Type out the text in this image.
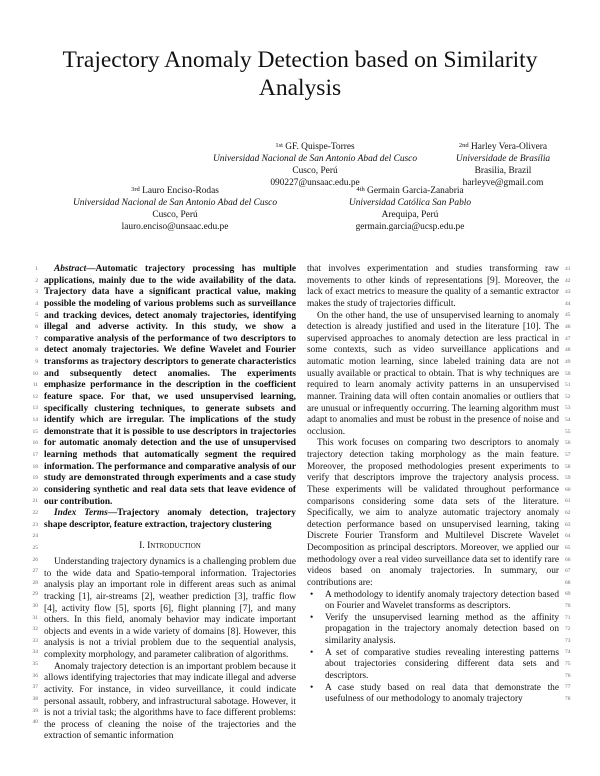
Trajectory Anomaly Detection based on Similarity Analysis
$^{1st}$ GF. Quispe-Torres
Universidad Nacional de San Antonio Abad del Cusco
Cusco, Perú
090227@unsaac.edu.pe
$^{2nd}$ Harley Vera-Olivera
Universidade de Brasília
Brasilia, Brazil
harleyve@gmail.com
$^{3rd}$ Lauro Enciso-Rodas
Universidad Nacional de San Antonio Abad del Cusco
Cusco, Perú
lauro.enciso@unsaac.edu.pe
$^{4th}$ Germain Garcia-Zanabria
Universidad Católica San Pablo
Arequipa, Perú
germain.garcia@ucsp.edu.pe

Abstract—Automatic trajectory processing has multiple applications, mainly due to the wide availability of the data. Trajectory data have a significant practical value, making possible the modeling of various problems such as surveillance and tracking devices, detect anomaly trajectories, identifying illegal and adverse activity. In this study, we show a comparative analysis of the performance of two descriptors to detect anomaly trajectories. We define Wavelet and Fourier transforms as trajectory descriptors to generate characteristics and subsequently detect anomalies. The experiments emphasize performance in the description in the coefficient feature space. For that, we used unsupervised learning, specifically clustering techniques, to generate subsets and identify which are irregular. The implications of the study demonstrate that it is possible to use descriptors in trajectories for automatic anomaly detection and the use of unsupervised learning methods that automatically segment the required information. The performance and comparative analysis of our study are demonstrated through experiments and a case study considering synthetic and real data sets that leave evidence of our contribution.

Index Terms—Trajectory anomaly detection, trajectory shape descriptor, feature extraction, trajectory clustering

I. Introduction

Understanding trajectory dynamics is a challenging problem due to the wide data and Spatio-temporal information. Trajectories analysis play an important role in different areas such as animal tracking [1], air-streams [2], weather prediction [3], traffic flow [4], activity flow [5], sports [6], flight planning [7], and many others. In this field, anomaly behavior may indicate important objects and events in a wide variety of domains [8]. However, this analysis is not a trivial problem due to the sequential analysis, complexity morphology, and parameter calibration of algorithms.

Anomaly trajectory detection is an important problem because it allows identifying trajectories that may indicate illegal and adverse activity. For instance, in video surveillance, it could indicate personal assault, robbery, and infrastructural sabotage. However, it is not a trivial task; the algorithms have to face different problems: the process of cleaning the noise of the trajectories and the extraction of semantic information

that involves experimentation and studies transforming raw movements to other kinds of representations [9]. Moreover, the lack of exact metrics to measure the quality of a semantic extractor makes the study of trajectories difficult.

On the other hand, the use of unsupervised learning to anomaly detection is already justified and used in the literature [10]. The supervised approaches to anomaly detection are less practical in some contexts, such as video surveillance applications and automatic motion learning, since labeled training data are not usually available or practical to obtain. That is why techniques are required to learn anomaly activity patterns in an unsupervised manner. Training data will often contain anomalies or outliers that are unusual or infrequently occurring. The learning algorithm must adapt to anomalies and must be robust in the presence of noise and occlusion.

This work focuses on comparing two descriptors to anomaly trajectory detection taking morphology as the main feature. Moreover, the proposed methodologies present experiments to verify that descriptors improve the trajectory analysis process. These experiments will be validated throughout performance comparisons considering some data sets of the literature. Specifically, we aim to analyze automatic trajectory anomaly detection performance based on unsupervised learning, taking Discrete Fourier Transform and Multilevel Discrete Wavelet Decomposition as principal descriptors. Moreover, we applied our methodology over a real video surveillance data set to identify rare videos based on anomaly trajectories. In summary, our contributions are:

• A methodology to identify anomaly trajectory detection based on Fourier and Wavelet transforms as descriptors.
• Verify the unsupervised learning method as the affinity propagation in the trajectory anomaly detection based on similarity analysis.
• A set of comparative studies revealing interesting patterns about trajectories considering different data sets and descriptors.
• A case study based on real data that demonstrate the usefulness of our methodology to anomaly trajectory
1
2
3
4
5
6
7
8
9
10
11
12
13
14
15
16
17
18
19
20
21
22
23
24
25
26
27
28
29
30
31
32
33
34
35
36
37
38
39
40
41
42
43
44
45
46
47
48
49
50
51
52
53
54
55
56
57
58
59
60
61
62
63
64
65
66
67
68
69
70
71
72
73
74
75
76
77
78
